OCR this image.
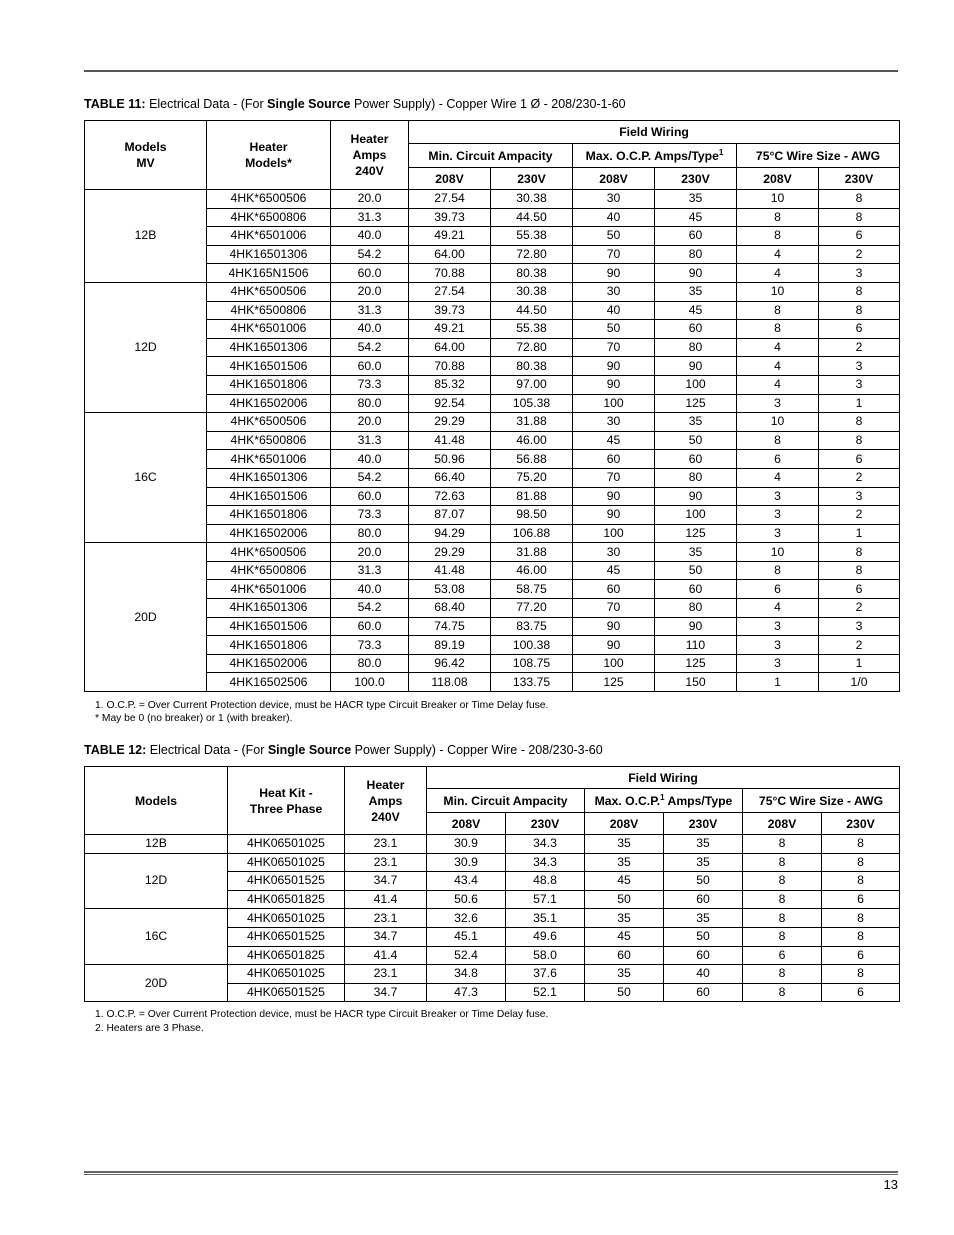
TABLE 11: Electrical Data - (For Single Source Power Supply) - Copper Wire 1 Ø - 208/230-1-60
Models MV	Heater Models*	Heater Amps 240V	Field Wiring					
			Min. Circuit Ampacity		Max. O.C.P. Amps/Type$^1$		75°C Wire Size - AWG	
			208V	230V	208V	230V	208V	230V
12B	4HK*6500506	20.0	27.54	30.38	30	35	10	8
	4HK*6500806	31.3	39.73	44.50	40	45	8	8
	4HK*6501006	40.0	49.21	55.38	50	60	8	6
	4HK16501306	54.2	64.00	72.80	70	80	4	2
	4HK165N1506	60.0	70.88	80.38	90	90	4	3
12D	4HK*6500506	20.0	27.54	30.38	30	35	10	8
	4HK*6500806	31.3	39.73	44.50	40	45	8	8
	4HK*6501006	40.0	49.21	55.38	50	60	8	6
	4HK16501306	54.2	64.00	72.80	70	80	4	2
	4HK16501506	60.0	70.88	80.38	90	90	4	3
	4HK16501806	73.3	85.32	97.00	90	100	4	3
	4HK16502006	80.0	92.54	105.38	100	125	3	1
16C	4HK*6500506	20.0	29.29	31.88	30	35	10	8
	4HK*6500806	31.3	41.48	46.00	45	50	8	8
	4HK*6501006	40.0	50.96	56.88	60	60	6	6
	4HK16501306	54.2	66.40	75.20	70	80	4	2
	4HK16501506	60.0	72.63	81.88	90	90	3	3
	4HK16501806	73.3	87.07	98.50	90	100	3	2
	4HK16502006	80.0	94.29	106.88	100	125	3	1
20D	4HK*6500506	20.0	29.29	31.88	30	35	10	8
	4HK*6500806	31.3	41.48	46.00	45	50	8	8
	4HK*6501006	40.0	53.08	58.75	60	60	6	6
	4HK16501306	54.2	68.40	77.20	70	80	4	2
	4HK16501506	60.0	74.75	83.75	90	90	3	3
	4HK16501806	73.3	89.19	100.38	90	110	3	2
	4HK16502006	80.0	96.42	108.75	100	125	3	1
	4HK16502506	100.0	118.08	133.75	125	150	1	1/0
1. O.C.P. = Over Current Protection device, must be HACR type Circuit Breaker or Time Delay fuse.
* May be 0 (no breaker) or 1 (with breaker).
TABLE 12: Electrical Data - (For Single Source Power Supply) - Copper Wire - 208/230-3-60
Models	Heat Kit - Three Phase	Heater Amps 240V	Field Wiring					
			Min. Circuit Ampacity		Max. O.C.P.$^1$ Amps/Type		75°C Wire Size - AWG	
			208V	230V	208V	230V	208V	230V
12B	4HK06501025	23.1	30.9	34.3	35	35	8	8
12D	4HK06501025	23.1	30.9	34.3	35	35	8	8
	4HK06501525	34.7	43.4	48.8	45	50	8	8
	4HK06501825	41.4	50.6	57.1	50	60	8	6
16C	4HK06501025	23.1	32.6	35.1	35	35	8	8
	4HK06501525	34.7	45.1	49.6	45	50	8	8
	4HK06501825	41.4	52.4	58.0	60	60	6	6
20D	4HK06501025	23.1	34.8	37.6	35	40	8	8
	4HK06501525	34.7	47.3	52.1	50	60	8	6
1. O.C.P. = Over Current Protection device, must be HACR type Circuit Breaker or Time Delay fuse.
2. Heaters are 3 Phase.
13
